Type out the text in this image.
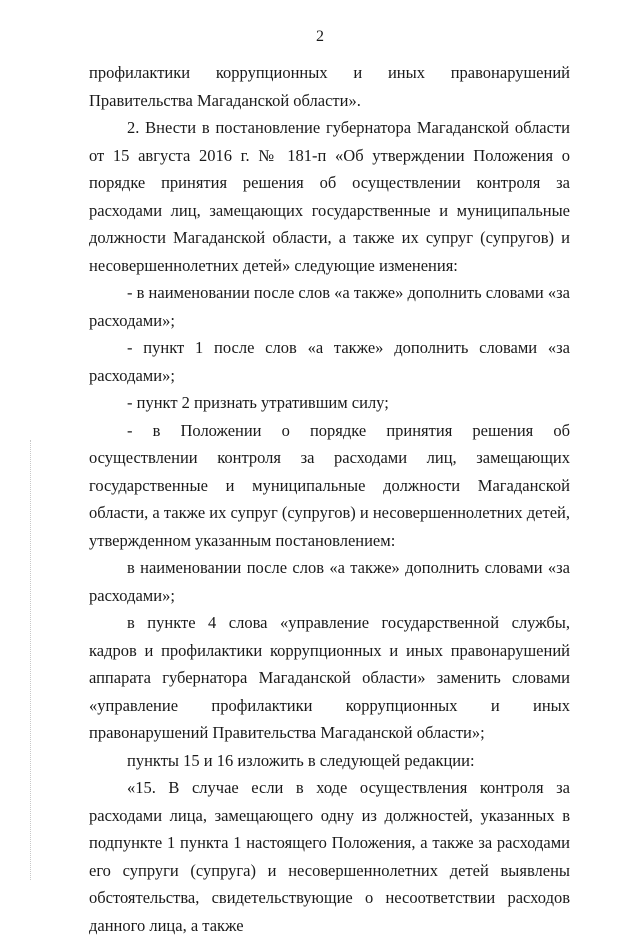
2

профилактики коррупционных и иных правонарушений Правительства Магаданской области».

2. Внести в постановление губернатора Магаданской области от 15 августа 2016 г. № 181-п «Об утверждении Положения о порядке принятия решения об осуществлении контроля за расходами лиц, замещающих государственные и муниципальные должности Магаданской области, а также их супруг (супругов) и несовершеннолетних детей» следующие изменения:

- в наименовании после слов «а также» дополнить словами «за расходами»;

- пункт 1 после слов «а также» дополнить словами «за расходами»;

- пункт 2 признать утратившим силу;

- в Положении о порядке принятия решения об осуществлении контроля за расходами лиц, замещающих государственные и муниципальные должности Магаданской области, а также их супруг (супругов) и несовершеннолетних детей, утвержденном указанным постановлением:

в наименовании после слов «а также» дополнить словами «за расходами»;

в пункте 4 слова «управление государственной службы, кадров и профилактики коррупционных и иных правонарушений аппарата губернатора Магаданской области» заменить словами «управление профилактики коррупционных и иных правонарушений Правительства Магаданской области»;

пункты 15 и 16 изложить в следующей редакции:

«15. В случае если в ходе осуществления контроля за расходами лица, замещающего одну из должностей, указанных в подпункте 1 пункта 1 настоящего Положения, а также за расходами его супруги (супруга) и несовершеннолетних детей выявлены обстоятельства, свидетельствующие о несоответствии расходов данного лица, а также
